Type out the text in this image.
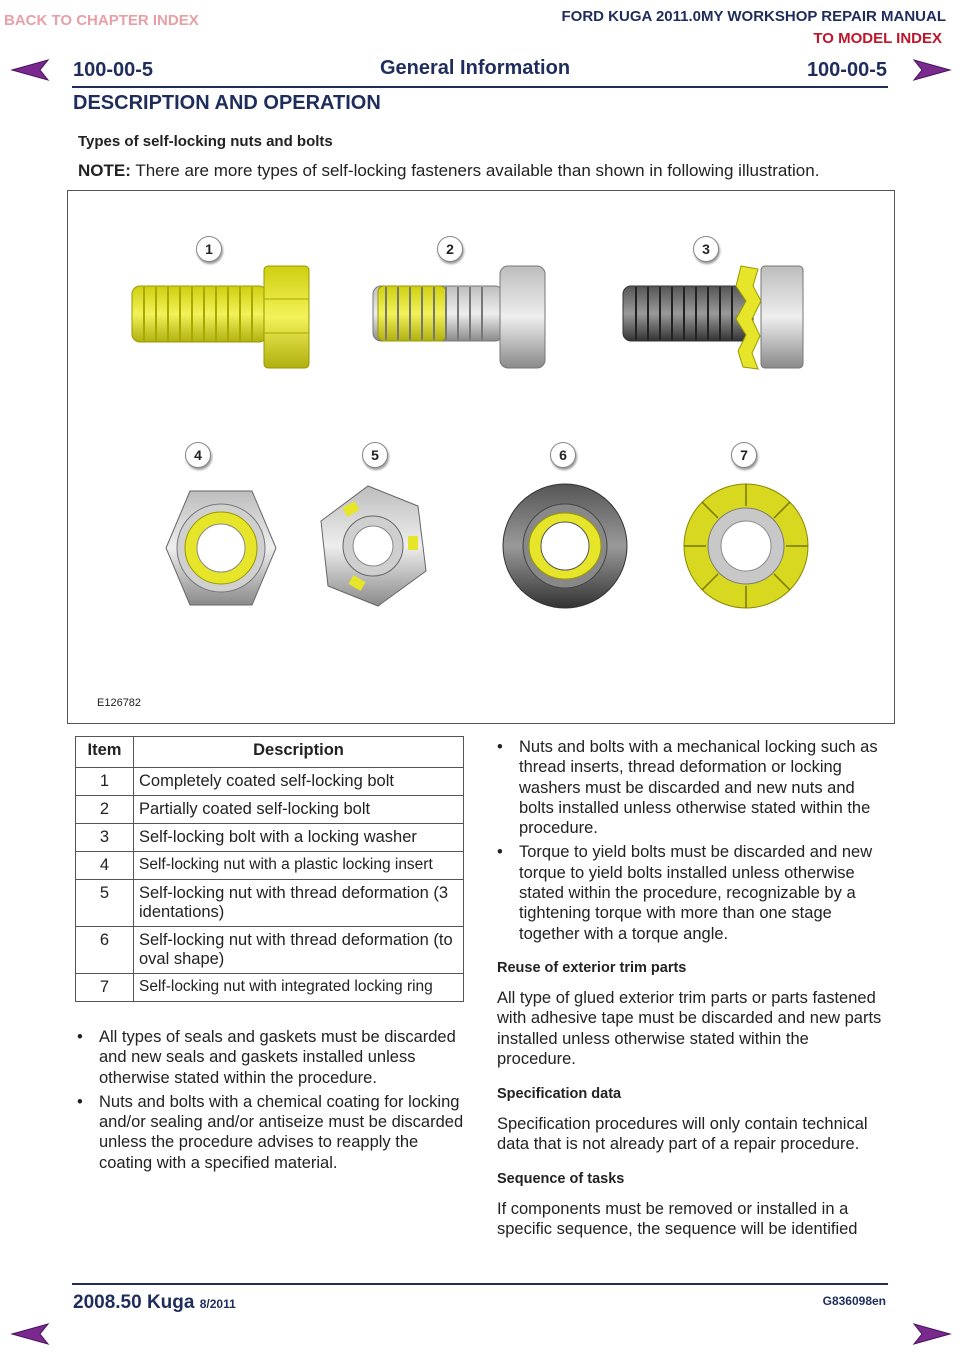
BACK TO CHAPTER INDEX	FORD KUGA 2011.0MY WORKSHOP REPAIR MANUAL
TO MODEL INDEX
100-00-5	General Information	100-00-5
DESCRIPTION AND OPERATION
Types of self-locking nuts and bolts
NOTE: There are more types of self-locking fasteners available than shown in following illustration.
1	2	3
4	5	6	7
E126782
Item	Description
1	Completely coated self-locking bolt
2	Partially coated self-locking bolt
3	Self-locking bolt with a locking washer
4	Self-locking nut with a plastic locking insert
5	Self-locking nut with thread deformation (3 identations)
6	Self-locking nut with thread deformation (to oval shape)
7	Self-locking nut with integrated locking ring
• All types of seals and gaskets must be discarded and new seals and gaskets installed unless otherwise stated within the procedure.
• Nuts and bolts with a chemical coating for locking and/or sealing and/or antiseize must be discarded unless the procedure advises to reapply the coating with a specified material.
• Nuts and bolts with a mechanical locking such as thread inserts, thread deformation or locking washers must be discarded and new nuts and bolts installed unless otherwise stated within the procedure.
• Torque to yield bolts must be discarded and new torque to yield bolts installed unless otherwise stated within the procedure, recognizable by a tightening torque with more than one stage together with a torque angle.
Reuse of exterior trim parts
All type of glued exterior trim parts or parts fastened with adhesive tape must be discarded and new parts installed unless otherwise stated within the procedure.
Specification data
Specification procedures will only contain technical data that is not already part of a repair procedure.
Sequence of tasks
If components must be removed or installed in a specific sequence, the sequence will be identified
2008.50 Kuga 8/2011	G836098en
